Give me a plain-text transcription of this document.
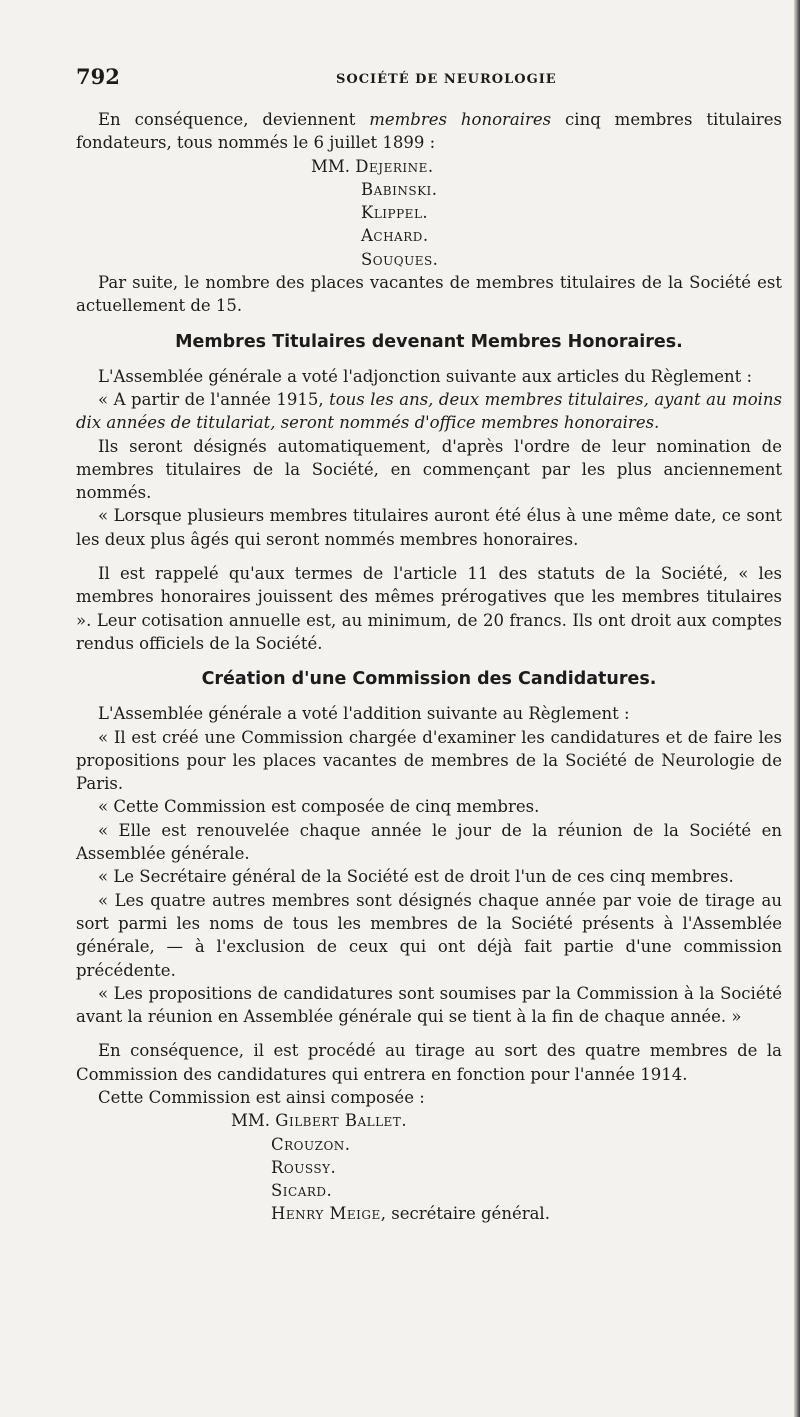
792	SOCIÉTÉ DE NEUROLOGIE

En conséquence, deviennent membres honoraires cinq membres titulaires fondateurs, tous nommés le 6 juillet 1899 :

MM. Dejerine.
Babinski.
Klippel.
Achard.
Souques.

Par suite, le nombre des places vacantes de membres titulaires de la Société est actuellement de 15.

Membres Titulaires devenant Membres Honoraires.

L'Assemblée générale a voté l'adjonction suivante aux articles du Règlement :

« A partir de l'année 1915, tous les ans, deux membres titulaires, ayant au moins dix années de titulariat, seront nommés d'office membres honoraires.

Ils seront désignés automatiquement, d'après l'ordre de leur nomination de membres titulaires de la Société, en commençant par les plus anciennement nommés.

« Lorsque plusieurs membres titulaires auront été élus à une même date, ce sont les deux plus âgés qui seront nommés membres honoraires.

Il est rappelé qu'aux termes de l'article 11 des statuts de la Société, « les membres honoraires jouissent des mêmes prérogatives que les membres titulaires ». Leur cotisation annuelle est, au minimum, de 20 francs. Ils ont droit aux comptes rendus officiels de la Société.

Création d'une Commission des Candidatures.

L'Assemblée générale a voté l'addition suivante au Règlement :

« Il est créé une Commission chargée d'examiner les candidatures et de faire les propositions pour les places vacantes de membres de la Société de Neurologie de Paris.

« Cette Commission est composée de cinq membres.

« Elle est renouvelée chaque année le jour de la réunion de la Société en Assemblée générale.

« Le Secrétaire général de la Société est de droit l'un de ces cinq membres.

« Les quatre autres membres sont désignés chaque année par voie de tirage au sort parmi les noms de tous les membres de la Société présents à l'Assemblée générale, — à l'exclusion de ceux qui ont déjà fait partie d'une commission précédente.

« Les propositions de candidatures sont soumises par la Commission à la Société avant la réunion en Assemblée générale qui se tient à la fin de chaque année. »

En conséquence, il est procédé au tirage au sort des quatre membres de la Commission des candidatures qui entrera en fonction pour l'année 1914.

Cette Commission est ainsi composée :

MM. Gilbert Ballet.
Crouzon.
Roussy.
Sicard.
Henry Meige, secrétaire général.
